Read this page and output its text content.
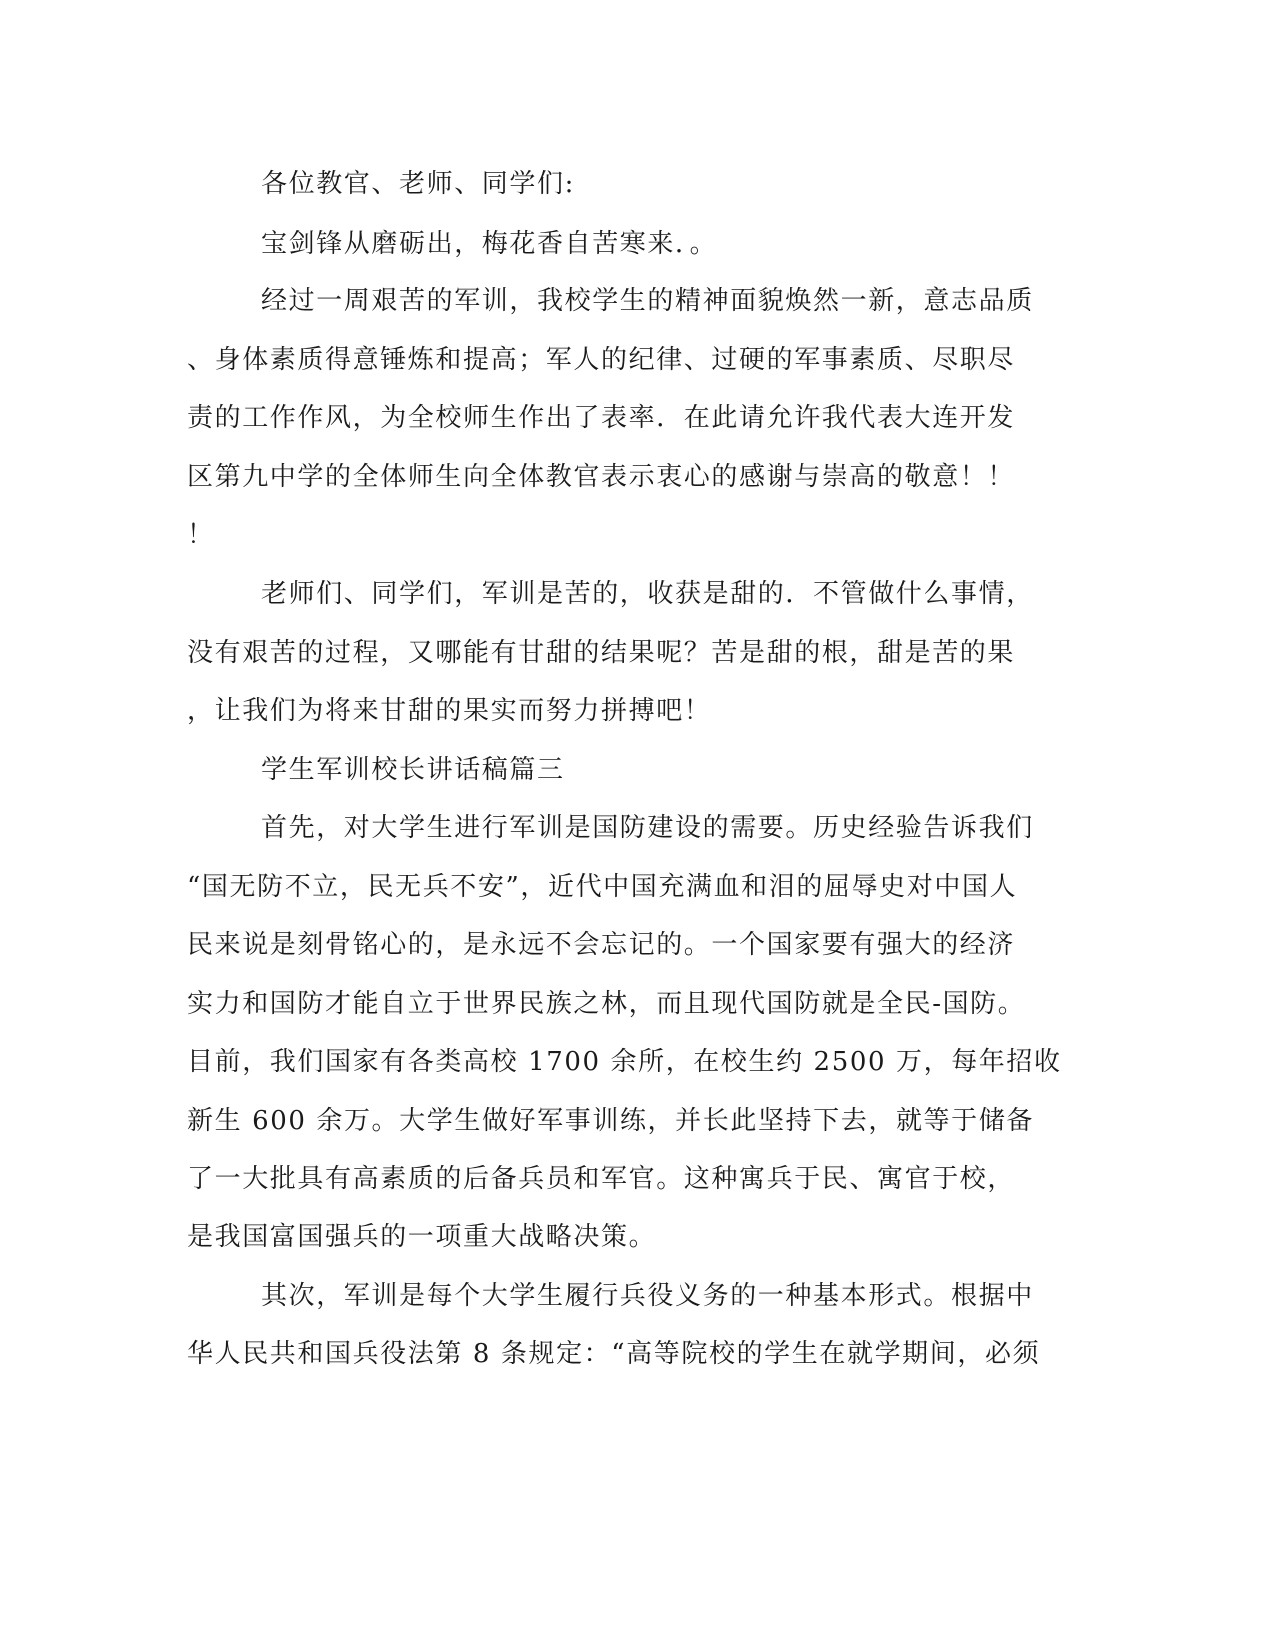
各位教官、老师、同学们:
宝剑锋从磨砺出，梅花香自苦寒来．。
经过一周艰苦的军训，我校学生的精神面貌焕然一新，意志品质
、身体素质得意锤炼和提高；军人的纪律、过硬的军事素质、尽职尽
责的工作作风，为全校师生作出了表率．在此请允许我代表大连开发
区第九中学的全体师生向全体教官表示衷心的感谢与崇高的敬意！！
！
老师们、同学们，军训是苦的，收获是甜的．不管做什么事情，
没有艰苦的过程，又哪能有甘甜的结果呢？苦是甜的根，甜是苦的果
，让我们为将来甘甜的果实而努力拼搏吧！
学生军训校长讲话稿篇三
首先，对大学生进行军训是国防建设的需要。历史经验告诉我们
“国无防不立，民无兵不安”，近代中国充满血和泪的屈辱史对中国人
民来说是刻骨铭心的，是永远不会忘记的。一个国家要有强大的经济
实力和国防才能自立于世界民族之林，而且现代国防就是全民-国防。
目前，我们国家有各类高校 1700 余所，在校生约 2500 万，每年招收
新生 600 余万。大学生做好军事训练，并长此坚持下去，就等于储备
了一大批具有高素质的后备兵员和军官。这种寓兵于民、寓官于校，
是我国富国强兵的一项重大战略决策。
其次，军训是每个大学生履行兵役义务的一种基本形式。根据中
华人民共和国兵役法第 8 条规定：“高等院校的学生在就学期间，必须
